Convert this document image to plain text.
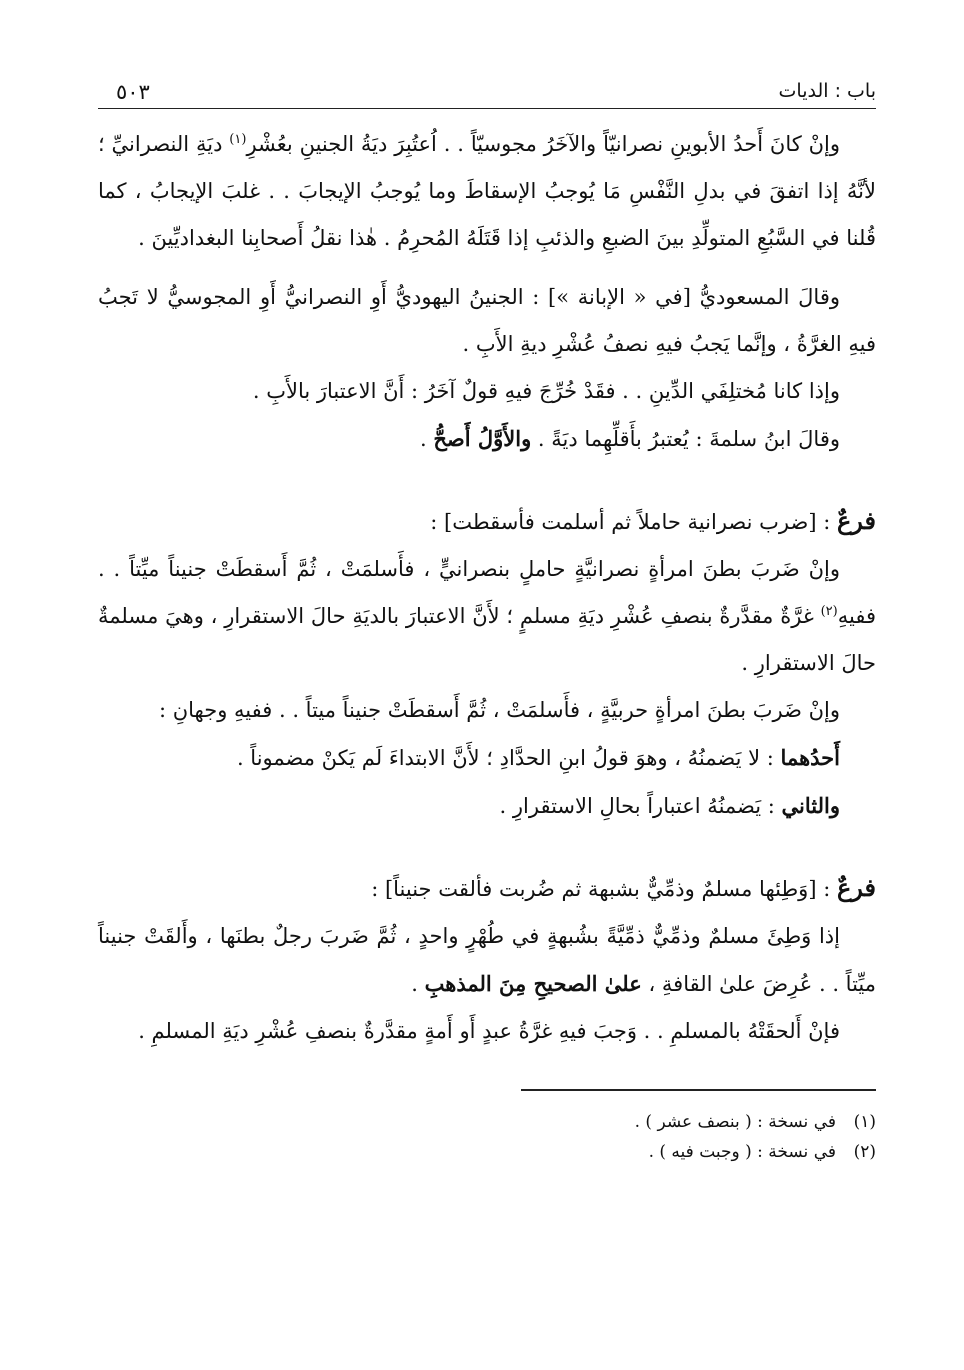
باب : الديات
٥٠٣

وإنْ كانَ أَحدُ الأبوينِ نصرانيّاً والآخَرُ مجوسيّاً . . اُعتُبِرَ ديَةُ الجنينِ بعُشْرِ$^{(١)}$ ديَةِ النصرانيِّ ؛ لأنَّهُ إذا اتفقَ في بدلِ النَّفْسِ مَا يُوجبُ الإسقاطَ وما يُوجبُ الإيجابَ . . غلبَ الإيجابُ ، كما قُلنا في السَّبُعِ المتولِّدِ بينَ الضبعِ والذئبِ إذا قَتَلَهُ المُحرِمُ . هٰذا نقلُ أَصحابِنا البغداديِّينَ .

وقالَ المسعوديُّ [في « الإبانة »] : الجنينُ اليهوديُّ أَوِ النصرانيُّ أَوِ المجوسيُّ لا تَجبُ فيهِ الغرَّةُ ، وإنَّما يَجبُ فيهِ نصفُ عُشْرِ ديةِ الأَبِ .

وإذا كانا مُختلِفَي الدِّينِ . . فقَدْ خُرِّجَ فيهِ قولٌ آخَرُ : أَنَّ الاعتبارَ بالأَبِ .

وقالَ ابنُ سلمةَ : يُعتبرُ بأَقلِّهِما ديَةً . والأَوَّلُ أَصحُّ .

فرعٌ : [ضرب نصرانية حاملاً ثم أسلمت فأسقطت] :

وإنْ ضَربَ بطنَ امرأةٍ نصرانيَّةٍ حاملٍ بنصرانيٍّ ، فأَسلمَتْ ، ثُمَّ أَسقطَتْ جنيناً ميِّتاً . . ففيهِ$^{(٢)}$ غرَّةٌ مقدَّرةٌ بنصفِ عُشْرِ ديَةِ مسلمٍ ؛ لأَنَّ الاعتبارَ بالديَةِ حالَ الاستقرارِ ، وهيَ مسلمةٌ حالَ الاستقرارِ .

وإنْ ضَربَ بطنَ امرأةٍ حربيَّةٍ ، فأَسلمَتْ ، ثُمَّ أَسقطَتْ جنيناً ميتاً . . ففيهِ وجهانِ :

أَحدُهما : لا يَضمنُهُ ، وهوَ قولُ ابنِ الحدَّادِ ؛ لأَنَّ الابتداءَ لَم يَكنْ مضموناً .

والثاني : يَضمنُهُ اعتباراً بحالِ الاستقرارِ .

فرعٌ : [وَطِئها مسلمٌ وذمِّيٌّ بشبهة ثم ضُربت فألقت جنيناً] :

إذا وَطِئَ مسلمٌ وذمِّيٌّ ذمِّيَّةً بشُبهةٍ في طُهْرٍ واحدٍ ، ثُمَّ ضَربَ رجلٌ بطنَها ، وأَلقَتْ جنيناً ميِّتاً . . عُرِضَ علىٰ القافةِ ، علىٰ الصحيحِ مِنَ المذهبِ .

فإنْ أَلحقَتْهُ بالمسلمِ . . وَجبَ فيهِ غرَّةُ عبدٍ أَو أَمةٍ مقدَّرةٌ بنصفِ عُشْرِ ديَةِ المسلمِ .

(١)في نسخة : ( بنصف عشر ) .

(٢)في نسخة : ( وجبت فيه ) .
